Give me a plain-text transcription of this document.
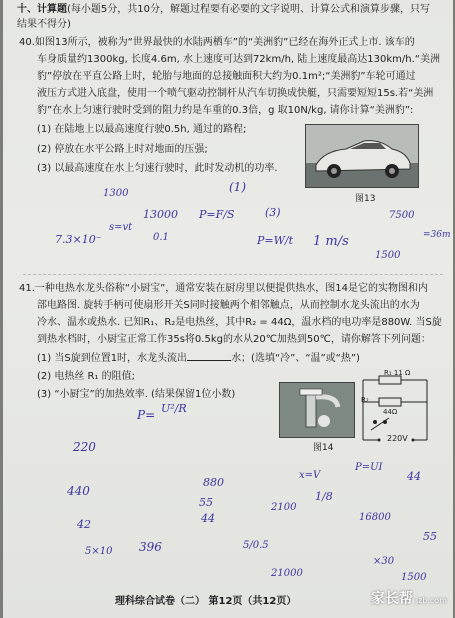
十、计算题(每小题5分，共10分，解题过程要有必要的文字说明、计算公式和演算步骤，只写
结果不得分)
40.如图13所示，被称为“世界最快的水陆两栖车”的“美洲豹”已经在海外正式上市. 该车的
车身质量约1300kg, 长度4.6m, 水上速度可达到72km/h, 陆上速度最高达130km/h.“美洲
豹”停放在平直公路上时，轮胎与地面的总接触面积大约为0.1m²;“美洲豹”车轮可通过
液压方式进入底盘，使用一个喷气驱动控制杆从汽车切换成快艇，只需要短短15s.若“美洲
豹”在水上匀速行驶时受到的阻力约是车重的0.3倍，g 取10N/kg, 请你计算“美洲豹”:
(1) 在陆地上以最高速度行驶0.5h, 通过的路程;
(2) 停放在水平公路上时对地面的压强;
(3) 以最高速度在水上匀速行驶时，此时发动机的功率.
图13
7.3×10⁻
1300
13000
0.1
s=vt
P=F/S
(1)
(3)
P=W/t 1 m/s	=36m
7500
1500
41.一种电热水龙头俗称“小厨宝”，通常安装在厨房里以便提供热水，图14是它的实物图和内
部电路图. 旋转手柄可使扇形开关S同时接触两个相邻触点，从而控制水龙头流出的水为
冷水、温水或热水. 已知R₁、R₂是电热丝，其中R₂ = 44Ω，温水档的电功率是880W. 当S旋
到热水档时，小厨宝正常工作35s将0.5kg的水从20℃加热到50℃，请你解答下列问题：
(1) 当S旋到位置1时，水龙头流出	水；(选填“冷”、“温”或“热”)
(2) 电热丝 R₁ 的阻值;
(3) “小厨宝”的加热效率. (结果保留1位小数)
R₁ 11 Ω
R₂
44Ω
220V
图14
P= U²/R
220
440
880
55
44
5×10
42
396	5/0.5
2100
21000
x=V
1/8
16800
44
P=UI
55
×30
1500
理科综合试卷（二） 第12页（共12页）	家长帮 jzb.com
